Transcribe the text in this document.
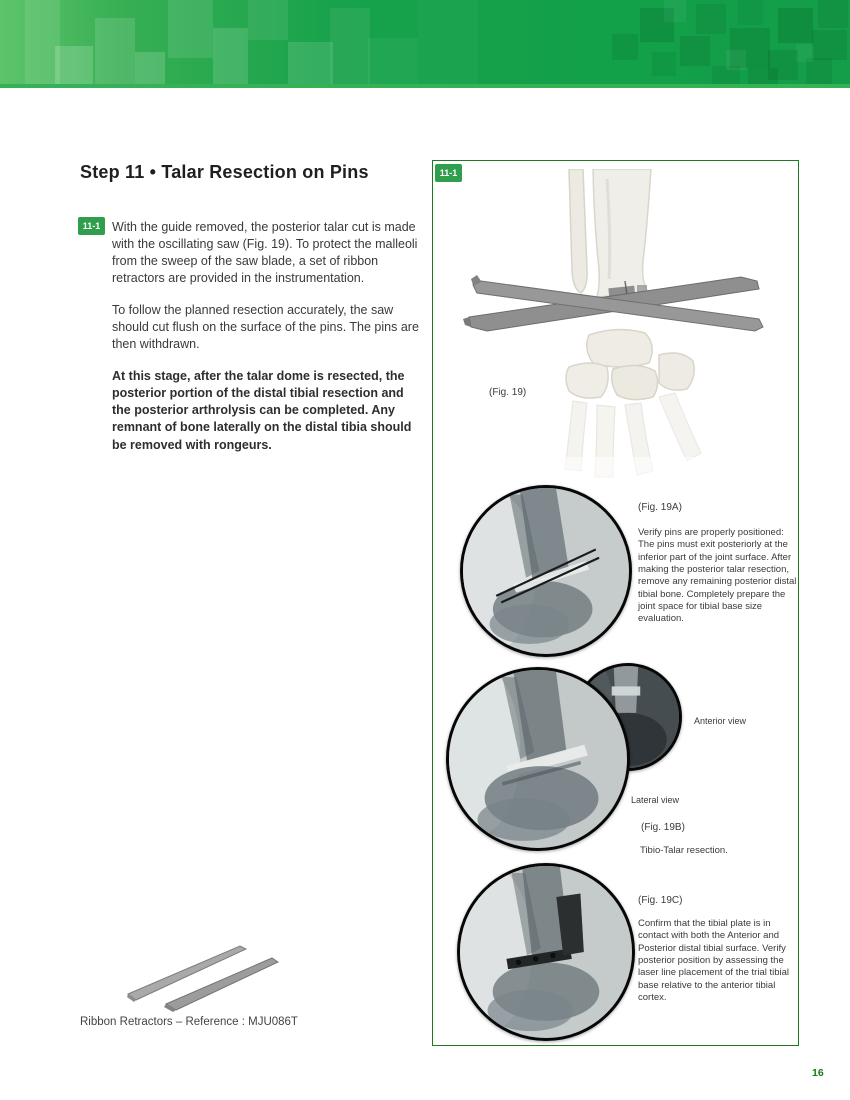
Step 11 • Talar Resection on Pins
11-1 With the guide removed, the posterior talar cut is made with the oscillating saw (Fig. 19). To protect the malleoli from the sweep of the saw blade, a set of ribbon retractors are provided in the instrumentation.

To follow the planned resection accurately, the saw should cut flush on the surface of the pins. The pins are then withdrawn.

At this stage, after the talar dome is resected, the posterior portion of the distal tibial resection and the posterior arthrolysis can be completed. Any remnant of bone laterally on the distal tibia should be removed with rongeurs.

Ribbon Retractors – Reference : MJU086T

11-1
(Fig. 19)
(Fig. 19A)

Verify pins are properly positioned: The pins must exit posteriorly at the inferior part of the joint surface. After making the posterior talar resection, remove any remaining posterior distal tibial bone. Completely prepare the joint space for tibial base size evaluation.

Anterior view
Lateral view
(Fig. 19B)

Tibio-Talar resection.

(Fig. 19C)

Confirm that the tibial plate is in contact with both the Anterior and Posterior distal tibial surface. Verify posterior position by assessing the laser line placement of the trial tibial base relative to the anterior tibial cortex.

16
